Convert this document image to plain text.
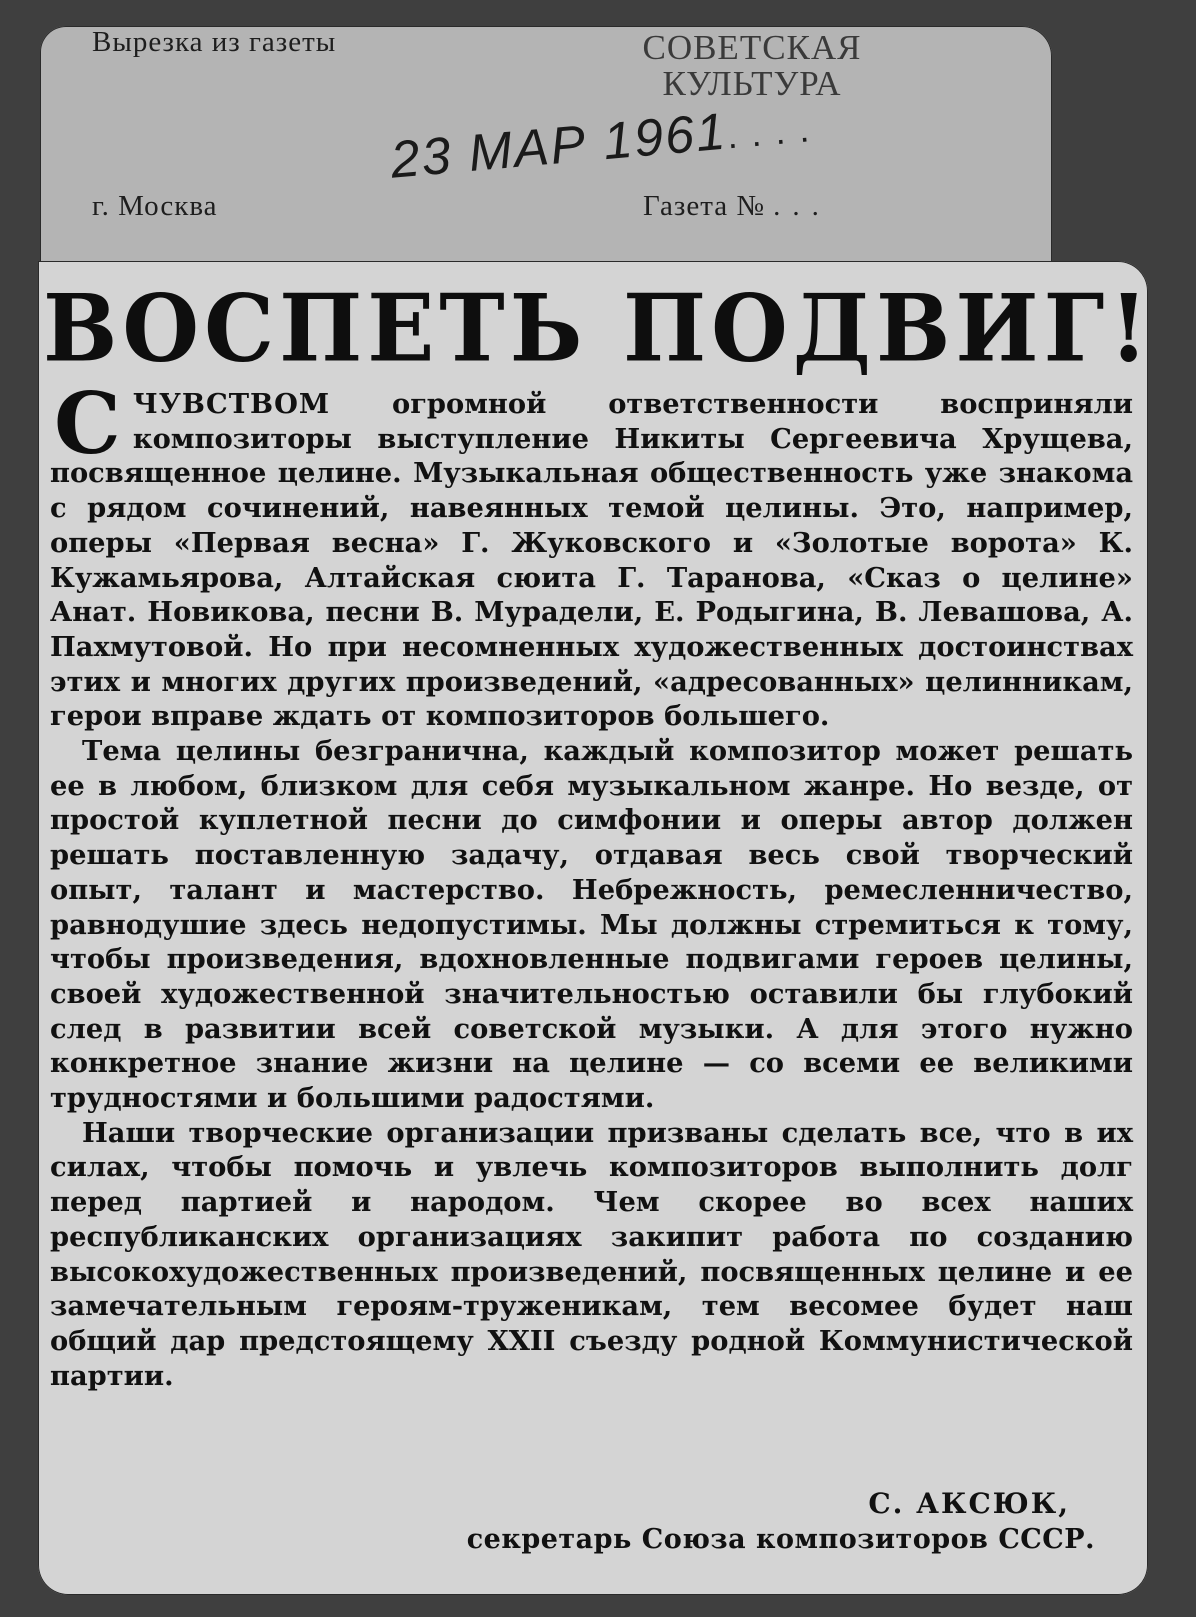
Вырезка из газеты	СОВЕТСКАЯ
КУЛЬТУРА
23 МАР 1961....
г. Москва	Газета № ...
ВОСПЕТЬ ПОДВИГ!

С ЧУВСТВОМ огромной ответственности восприняли композиторы выступление Никиты Сергеевича Хрущева, посвященное целине. Музыкальная общественность уже знакома с рядом сочинений, навеянных темой целины. Это, например, оперы «Первая весна» Г. Жуковского и «Золотые ворота» К. Кужамьярова, Алтайская сюита Г. Таранова, «Сказ о целине» Анат. Новикова, песни В. Мурадели, Е. Родыгина, В. Левашова, А. Пахмутовой. Но при несомненных художественных достоинствах этих и многих других произведений, «адресованных» целинникам, герои вправе ждать от композиторов большего.

Тема целины безгранична, каждый композитор может решать ее в любом, близком для себя музыкальном жанре. Но везде, от простой куплетной песни до симфонии и оперы автор должен решать поставленную задачу, отдавая весь свой творческий опыт, талант и мастерство. Небрежность, ремесленничество, равнодушие здесь недопустимы. Мы должны стремиться к тому, чтобы произведения, вдохновленные подвигами героев целины, своей художественной значительностью оставили бы глубокий след в развитии всей советской музыки. А для этого нужно конкретное знание жизни на целине — со всеми ее великими трудностями и большими радостями.

Наши творческие организации призваны сделать все, что в их силах, чтобы помочь и увлечь композиторов выполнить долг перед партией и народом. Чем скорее во всех наших республиканских организациях закипит работа по созданию высокохудожественных произведений, посвященных целине и ее замечательным героям-труженикам, тем весомее будет наш общий дар предстоящему XXII съезду родной Коммунистической партии.

С. АКСЮК,
секретарь Союза композиторов СССР.
